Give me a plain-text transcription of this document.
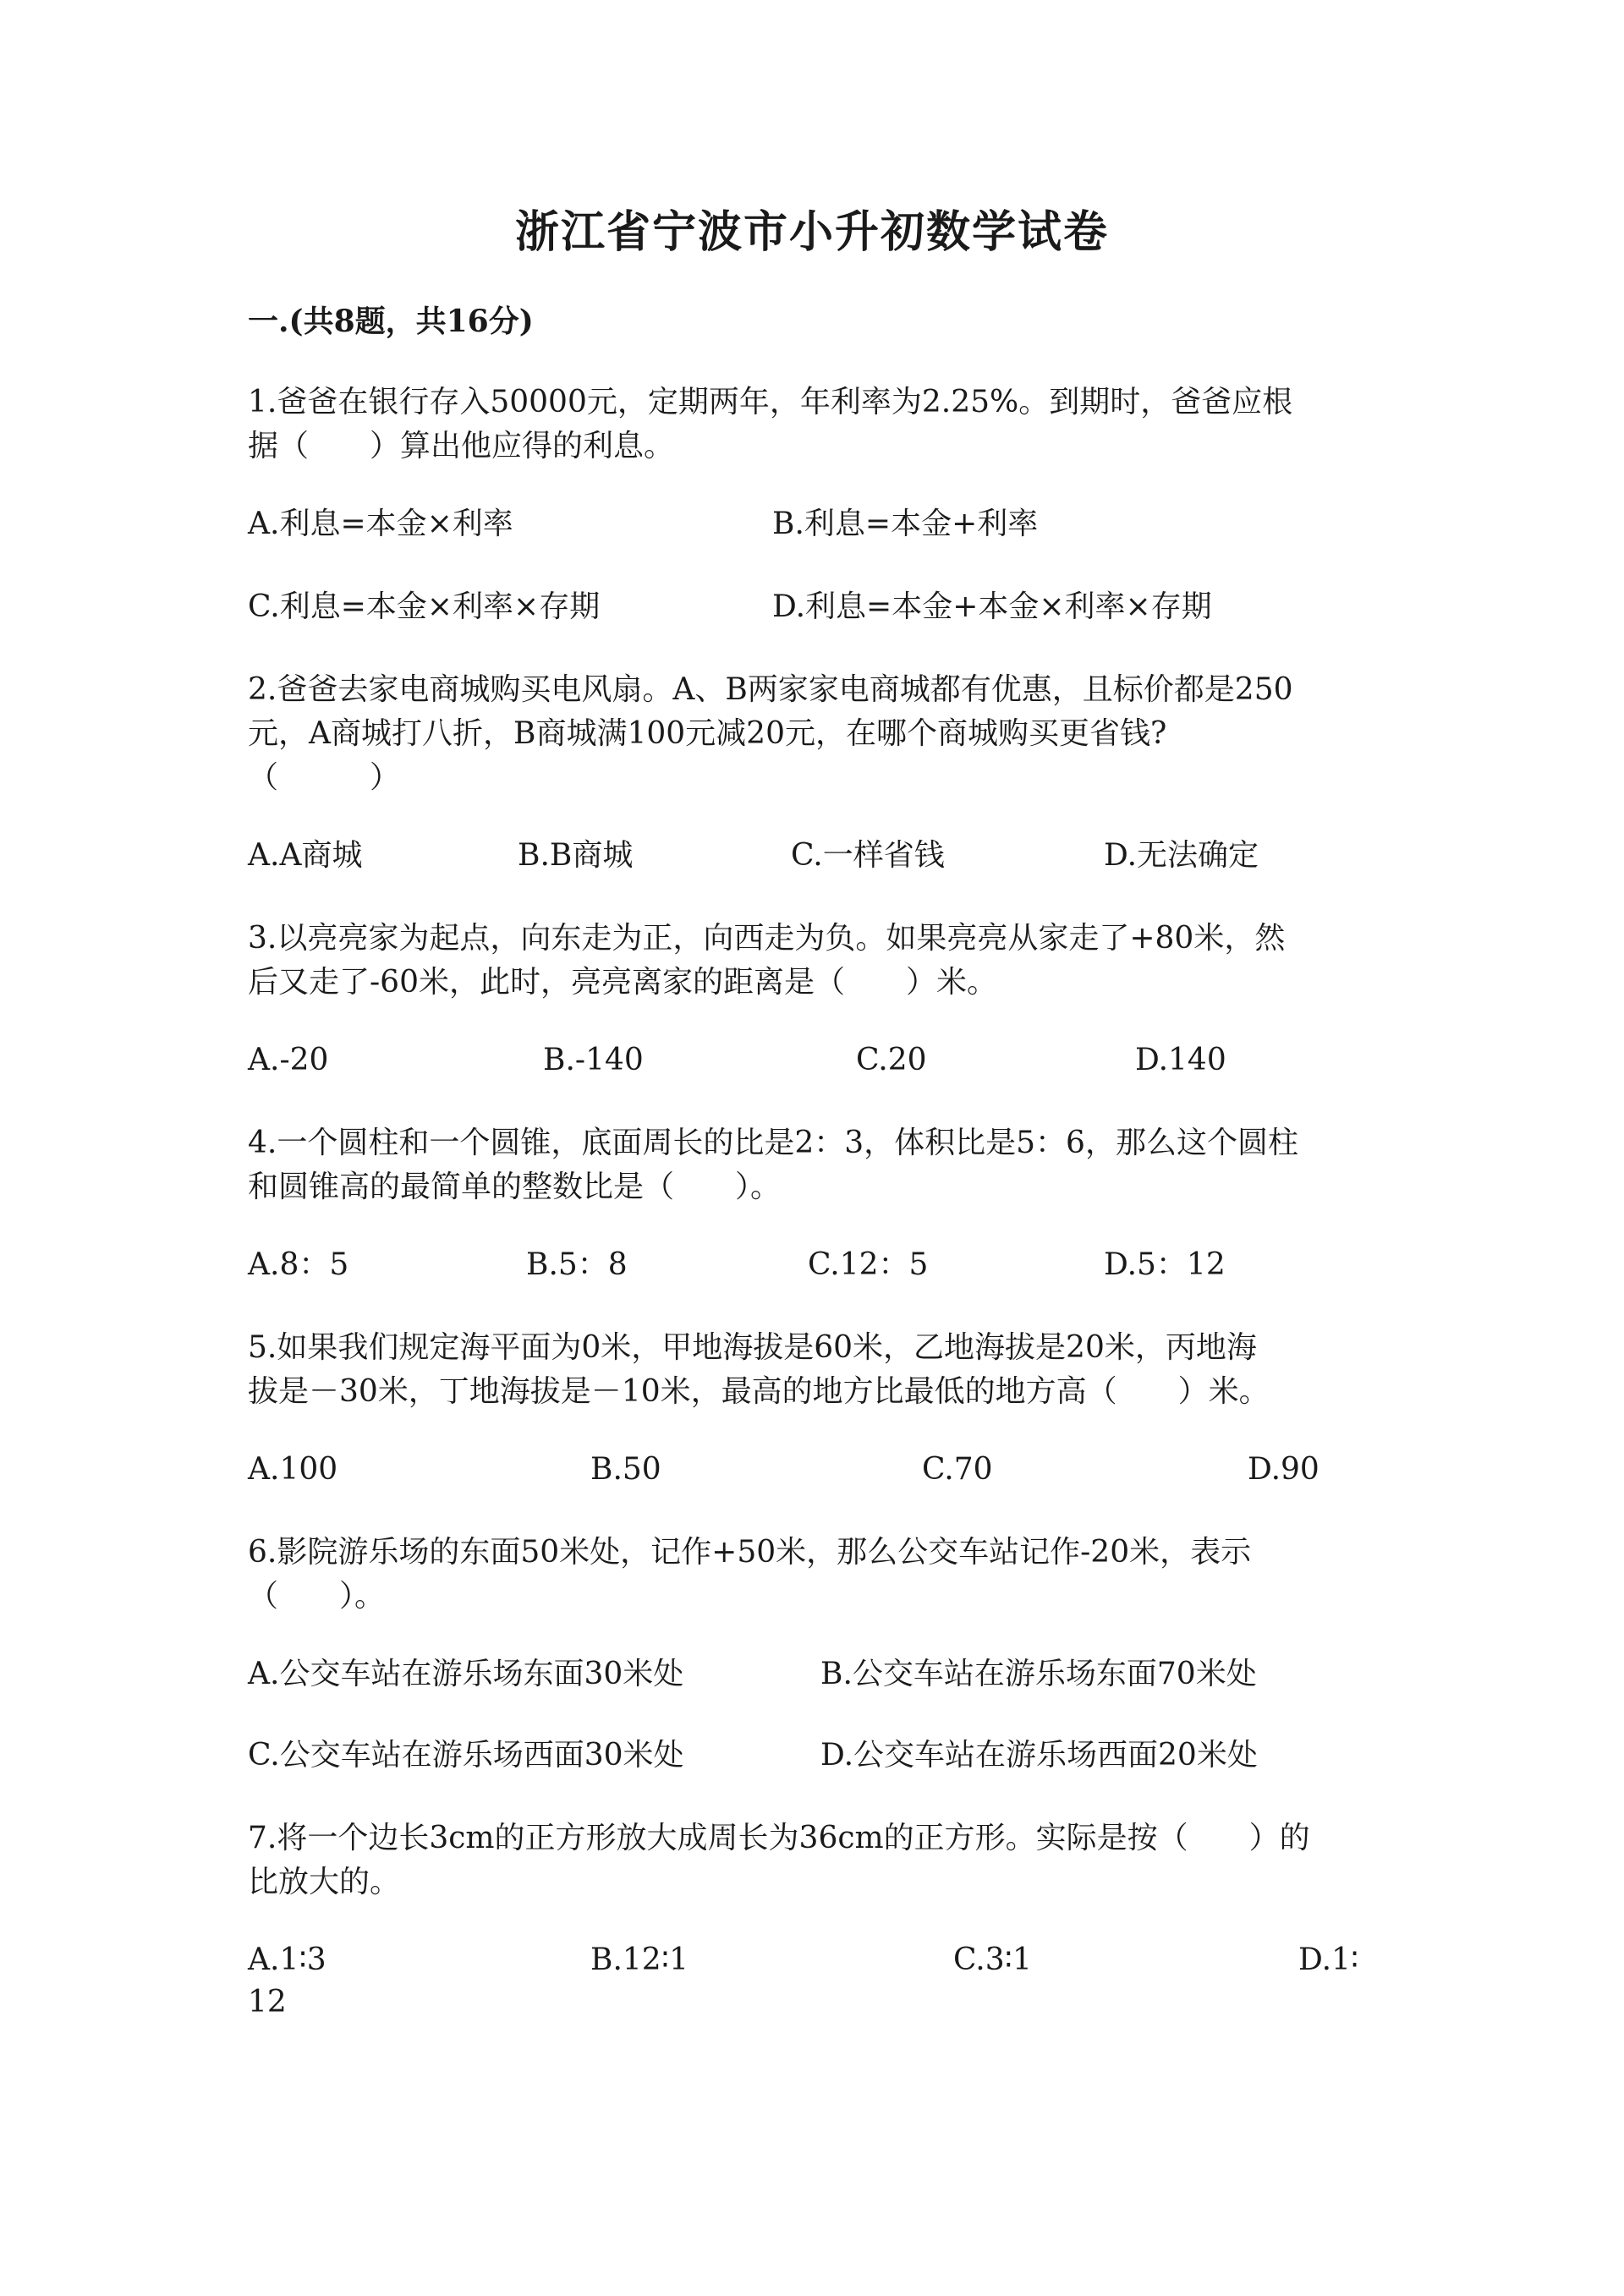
浙江省宁波市小升初数学试卷
一.(共8题，共16分)
1.爸爸在银行存入50000元，定期两年，年利率为2.25%。到期时，爸爸应根
据（　　）算出他应得的利息。
A.利息=本金×利率	B.利息=本金+利率
C.利息=本金×利率×存期	D.利息=本金+本金×利率×存期
2.爸爸去家电商城购买电风扇。A、B两家家电商城都有优惠，且标价都是250
元，A商城打八折，B商城满100元减20元，在哪个商城购买更省钱?
（　　　）
A.A商城	B.B商城	C.一样省钱	D.无法确定
3.以亮亮家为起点，向东走为正，向西走为负。如果亮亮从家走了+80米，然
后又走了-60米，此时，亮亮离家的距离是（　　）米。
A.-20	B.-140	C.20	D.140
4.一个圆柱和一个圆锥，底面周长的比是2：3，体积比是5：6，那么这个圆柱
和圆锥高的最简单的整数比是（　　）。
A.8：5	B.5：8	C.12：5	D.5：12
5.如果我们规定海平面为0米，甲地海拔是60米，乙地海拔是20米，丙地海
拔是－30米，丁地海拔是－10米，最高的地方比最低的地方高（　　）米。
A.100	B.50	C.70	D.90
6.影院游乐场的东面50米处，记作+50米，那么公交车站记作-20米，表示
（　　）。
A.公交车站在游乐场东面30米处	B.公交车站在游乐场东面70米处
C.公交车站在游乐场西面30米处	D.公交车站在游乐场西面20米处
7.将一个边长3cm的正方形放大成周长为36cm的正方形。实际是按（　　）的
比放大的。
A.1∶3	B.12∶1	C.3∶1	D.1∶
12
